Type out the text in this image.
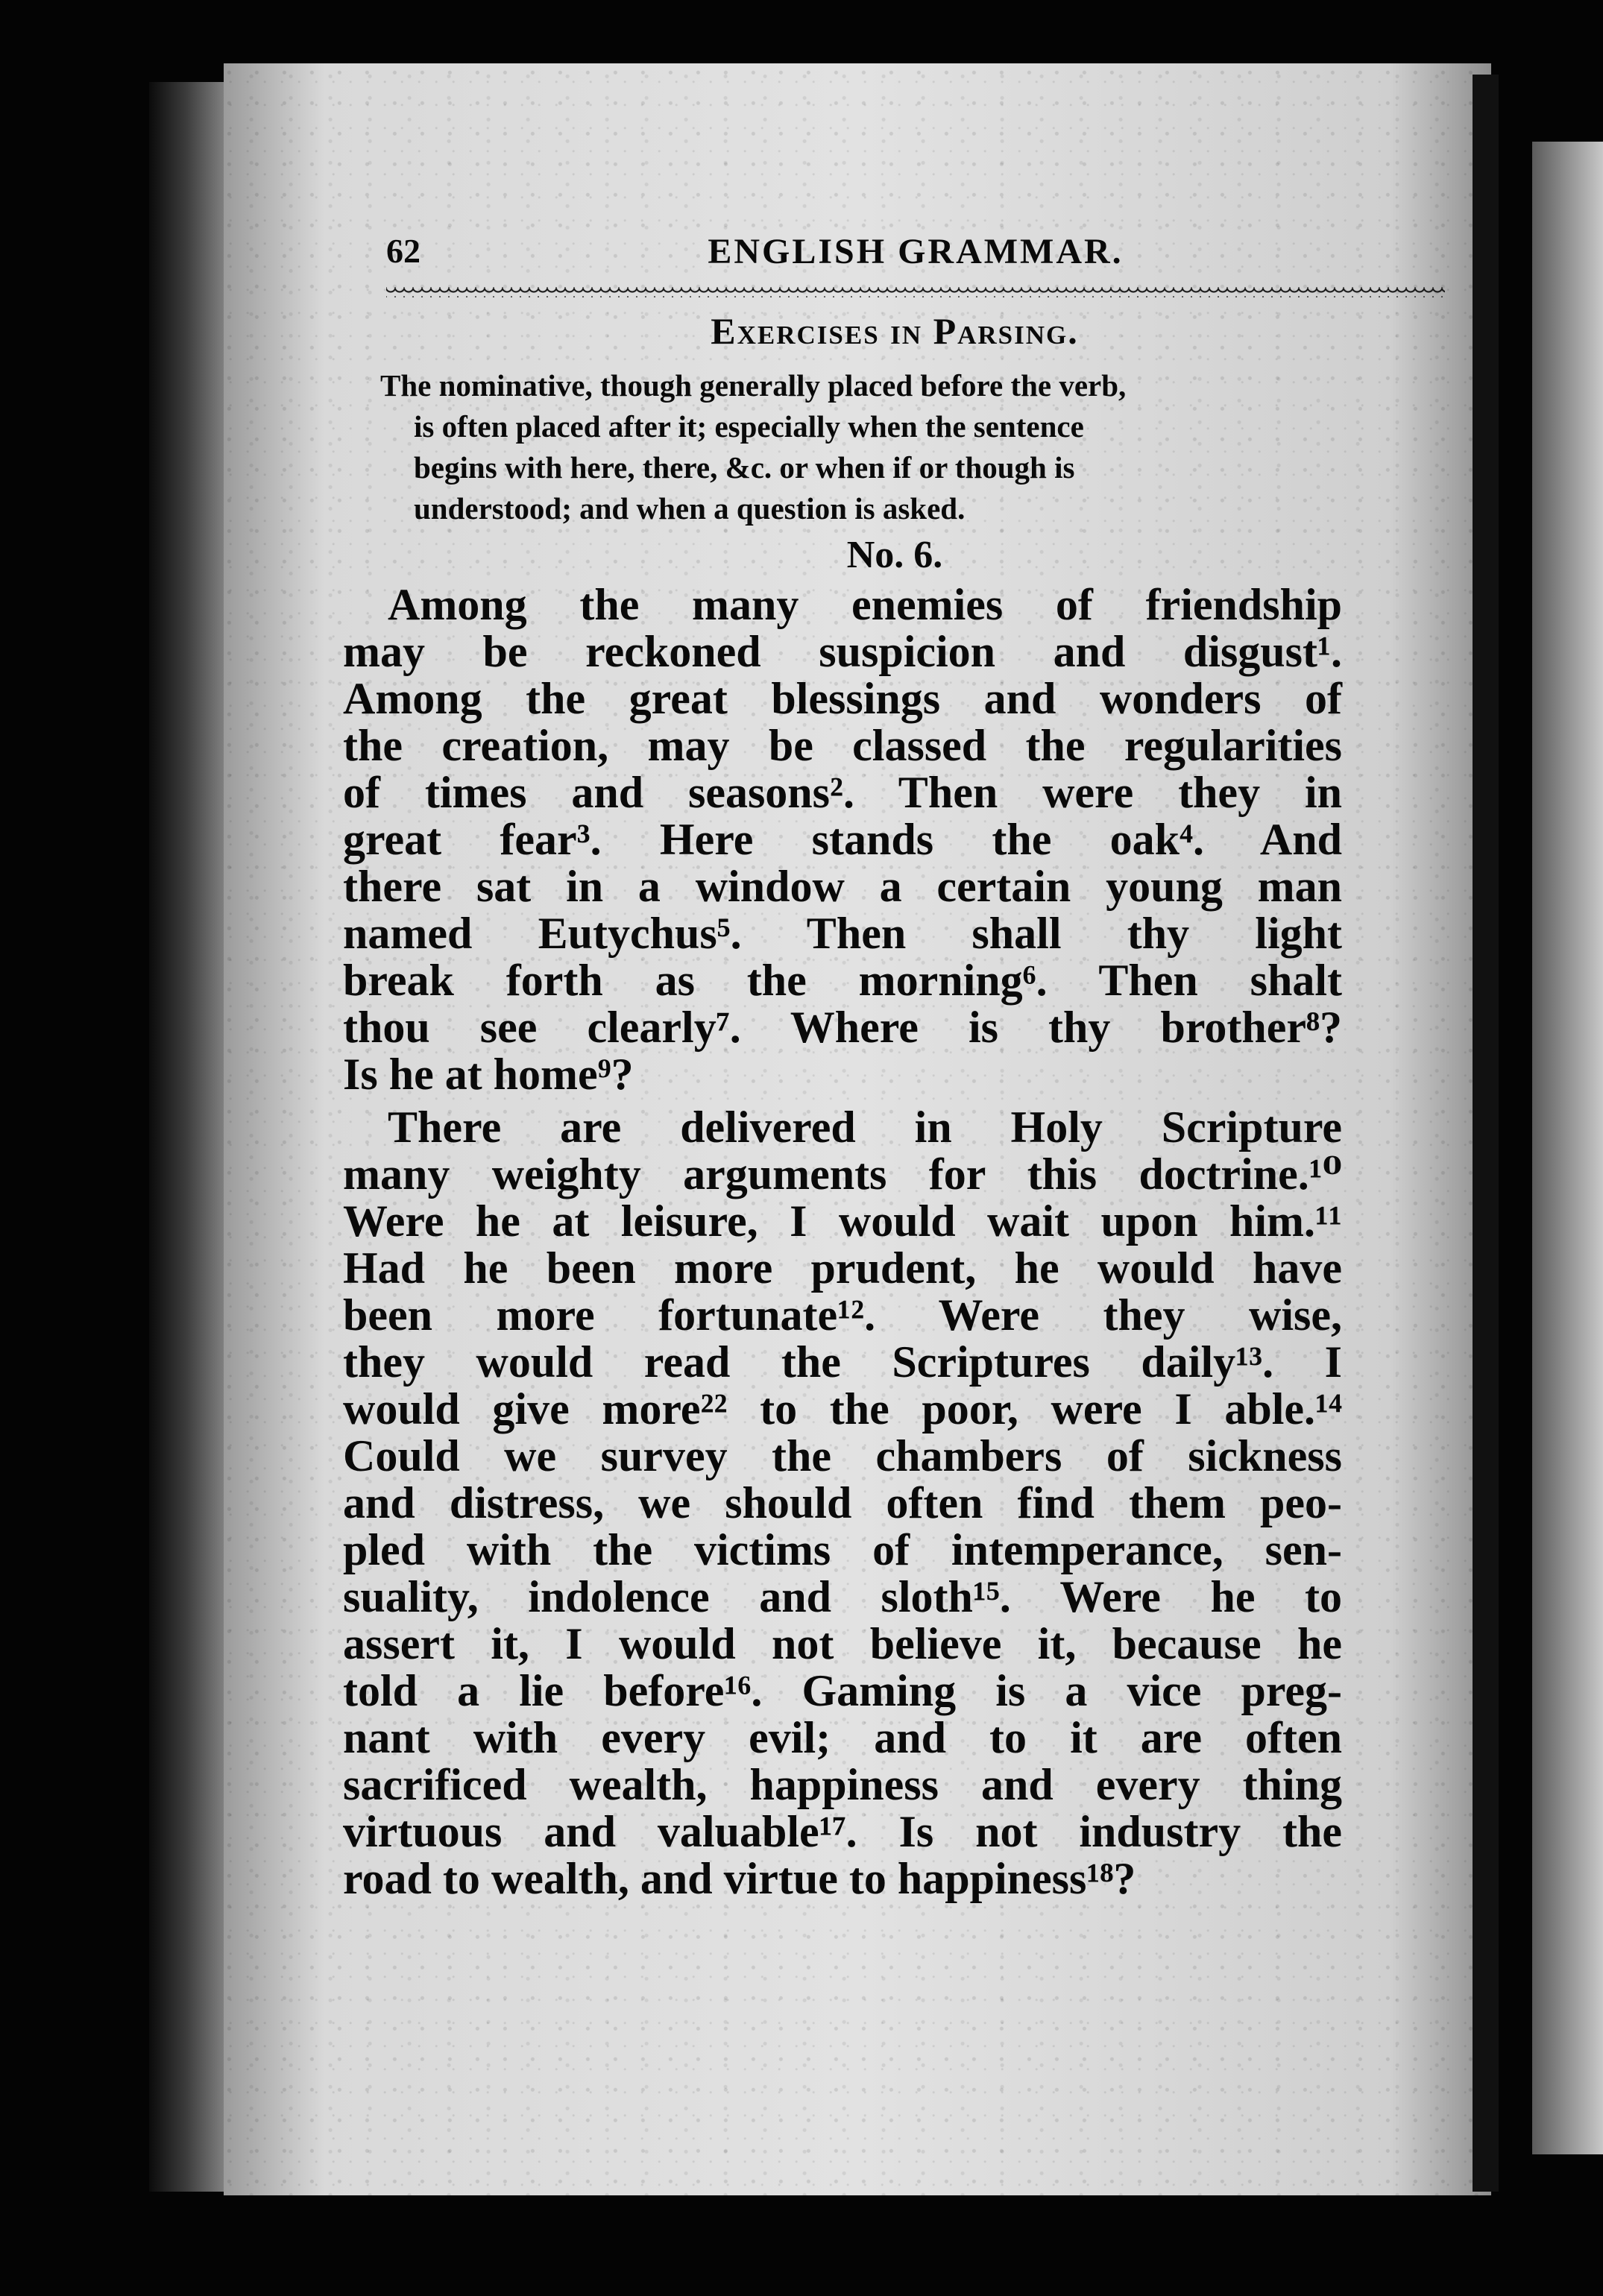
62	ENGLISH GRAMMAR.
Exercises in Parsing.
The nominative, though generally placed before the verb,
is often placed after it; especially when the sentence
begins with here, there, &c. or when if or though is
understood; and when a question is asked.
No. 6.

Among the many enemies of friendship
may be reckoned suspicion and disgust¹.
Among the great blessings and wonders of
the creation, may be classed the regularities
of times and seasons². Then were they in
great fear³. Here stands the oak⁴. And
there sat in a window a certain young man
named Eutychus⁵. Then shall thy light
break forth as the morning⁶. Then shalt
thou see clearly⁷. Where is thy brother⁸?
Is he at home⁹?

There are delivered in Holy Scripture
many weighty arguments for this doctrine.¹⁰
Were he at leisure, I would wait upon him.¹¹
Had he been more prudent, he would have
been more fortunate¹². Were they wise,
they would read the Scriptures daily¹³. I
would give more²² to the poor, were I able.¹⁴
Could we survey the chambers of sickness
and distress, we should often find them peo-
pled with the victims of intemperance, sen-
suality, indolence and sloth¹⁵. Were he to
assert it, I would not believe it, because he
told a lie before¹⁶. Gaming is a vice preg-
nant with every evil; and to it are often
sacrificed wealth, happiness and every thing
virtuous and valuable¹⁷. Is not industry the
road to wealth, and virtue to happiness¹⁸?
